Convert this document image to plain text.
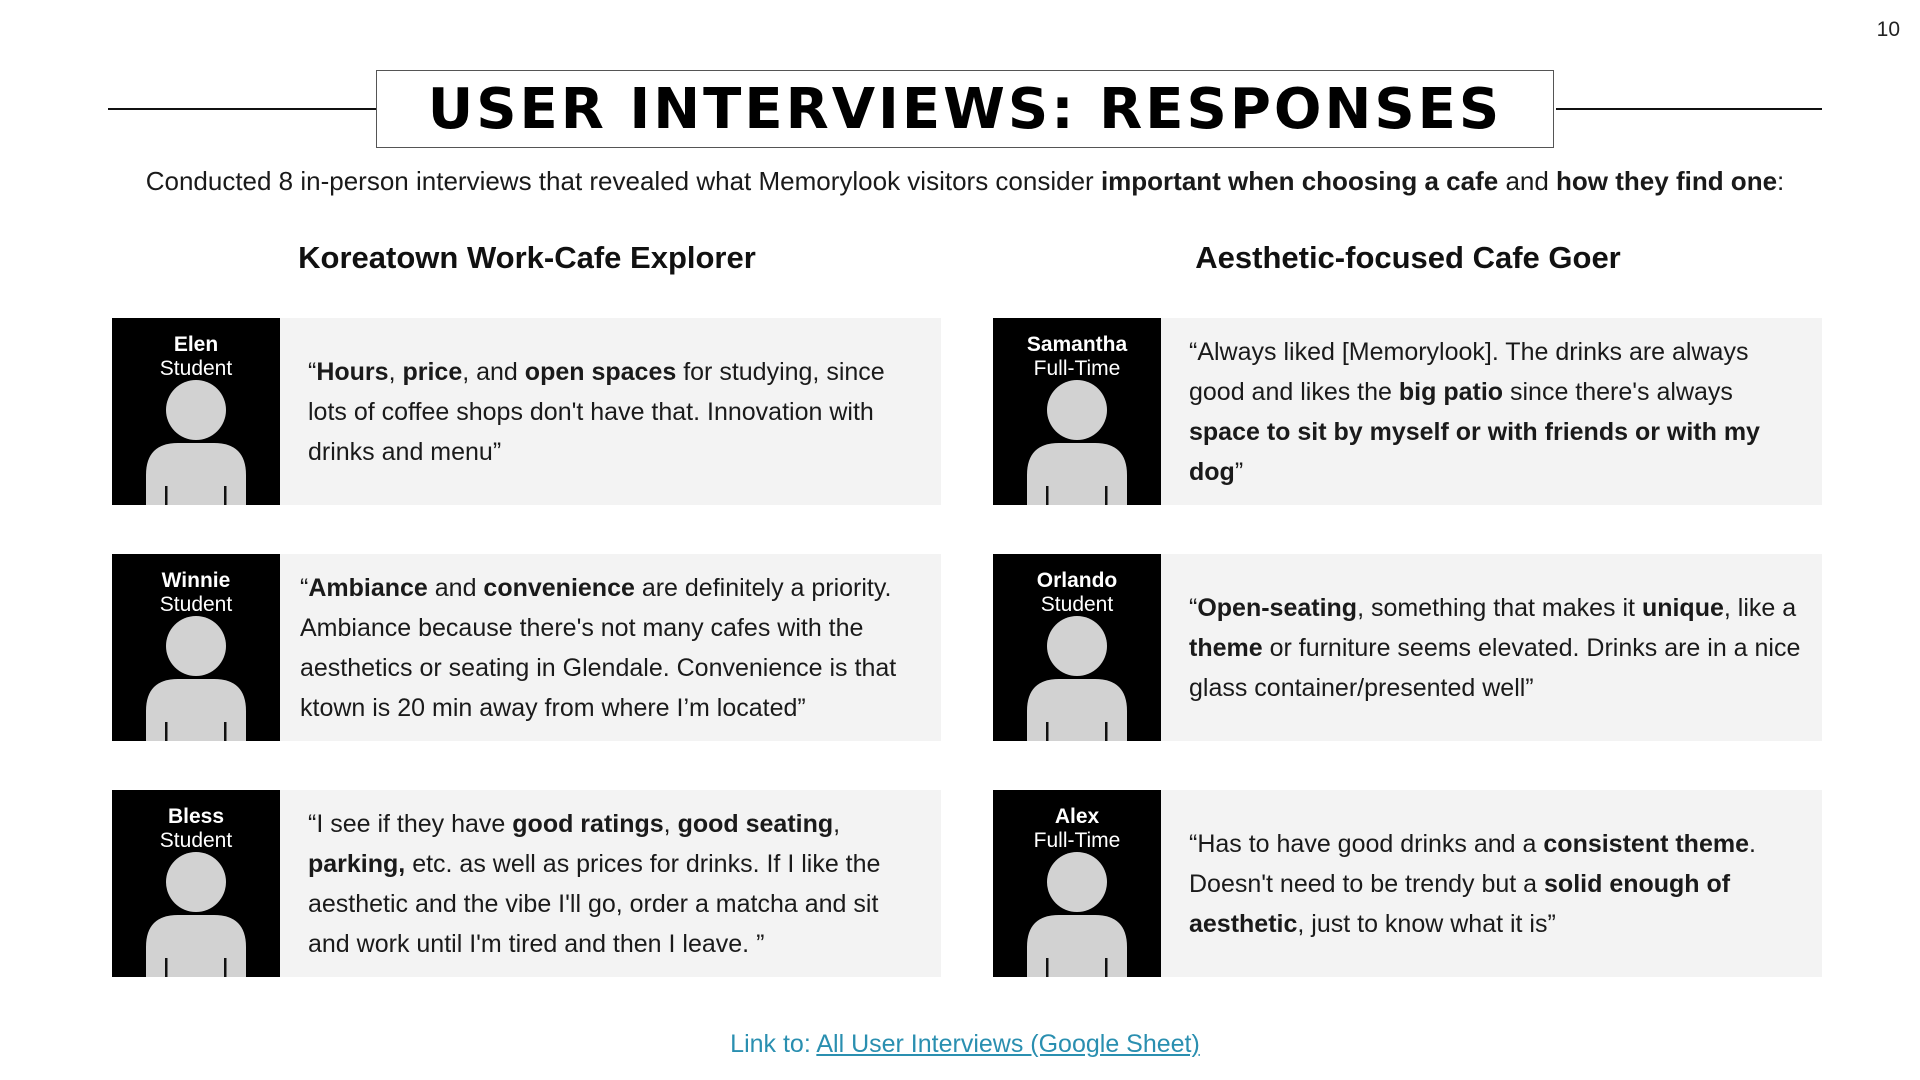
10
USER INTERVIEWS: RESPONSES
Conducted 8 in-person interviews that revealed what Memorylook visitors consider important when choosing a cafe and how they find one:
Koreatown Work-Cafe Explorer	Aesthetic-focused Cafe Goer
Elen
Student	“Hours, price, and open spaces for studying, since lots of coffee shops don't have that. Innovation with drinks and menu”
Samantha
Full-Time
“Always liked [Memorylook]. The drinks are always good and likes the big patio since there's always space to sit by myself or with friends or with my dog”
Winnie
Student
“Ambiance and convenience are definitely a priority. Ambiance because there's not many cafes with the aesthetics or seating in Glendale. Convenience is that ktown is 20 min away from where I’m located”
Orlando
Student	“Open-seating, something that makes it unique, like a theme or furniture seems elevated. Drinks are in a nice glass container/presented well”
Bless
Student
“I see if they have good ratings, good seating, parking, etc. as well as prices for drinks. If I like the aesthetic and the vibe I'll go, order a matcha and sit and work until I'm tired and then I leave. ”
Alex
Full-Time	“Has to have good drinks and a consistent theme. Doesn't need to be trendy but a solid enough of aesthetic, just to know what it is”
Link to: All User Interviews (Google Sheet)
